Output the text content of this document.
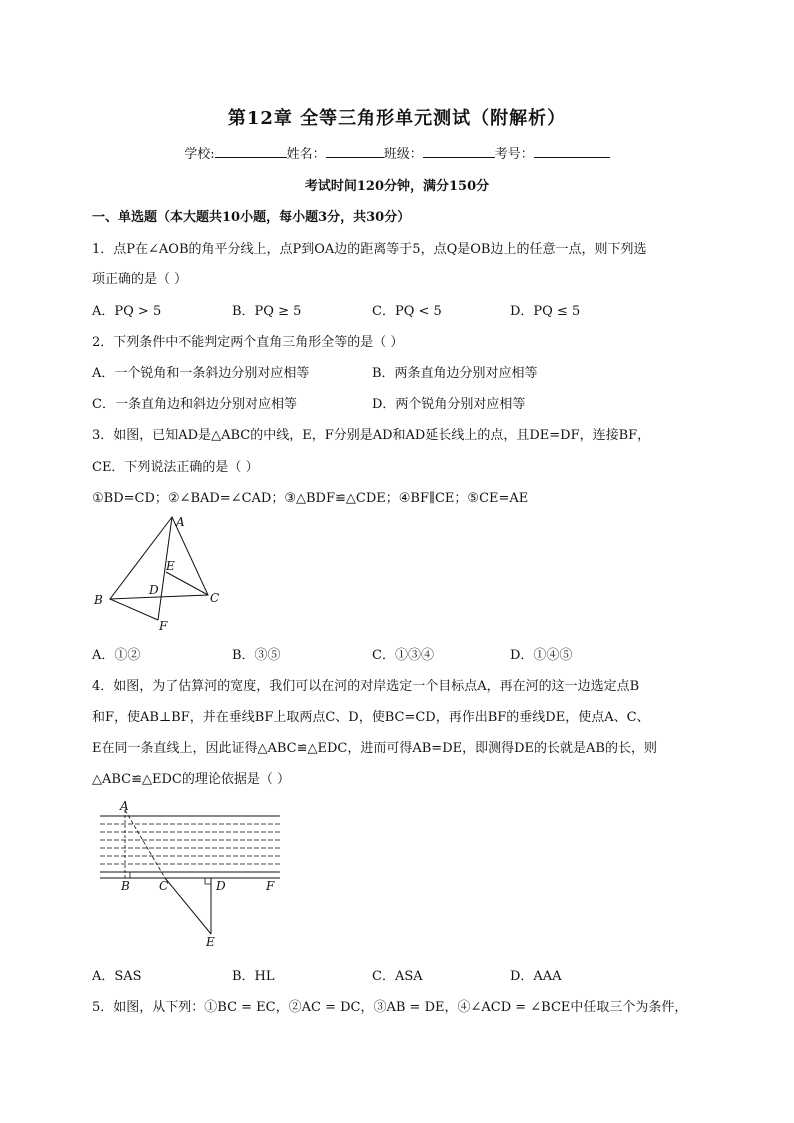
第12章 全等三角形单元测试（附解析）
学校:	姓名：	班级：	考号：
考试时间120分钟，满分150分
一、单选题（本大题共10小题，每小题3分，共30分）
1．点P在∠AOB的角平分线上，点P到OA边的距离等于5，点Q是OB边上的任意一点，则下列选
项正确的是（ ）
A．PQ > 5	B．PQ ≥ 5	C．PQ < 5	D．PQ ≤ 5
2．下列条件中不能判定两个直角三角形全等的是（ ）
A．一个锐角和一条斜边分别对应相等	B．两条直角边分别对应相等
C．一条直角边和斜边分别对应相等	D．两个锐角分别对应相等
3．如图，已知AD是△ABC的中线，E，F分别是AD和AD延长线上的点，且DE=DF，连接BF，
CE．下列说法正确的是（ ）
①BD=CD；②∠BAD=∠CAD；③△BDF≌△CDE；④BF∥CE；⑤CE=AE
A
B	C
D
E
F
A．①②	B．③⑤	C．①③④	D．①④⑤
4．如图，为了估算河的宽度，我们可以在河的对岸选定一个目标点A，再在河的这一边选定点B
和F，使AB⊥BF，并在垂线BF上取两点C、D，使BC=CD，再作出BF的垂线DE，使点A、C、
E在同一条直线上，因此证得△ABC≌△EDC，进而可得AB=DE，即测得DE的长就是AB的长，则
△ABC≌△EDC的理论依据是（ ）
A
B C	D
E
F
A．SAS	B．HL	C．ASA	D．AAA
5．如图，从下列：①BC = EC，②AC = DC，③AB = DE，④∠ACD = ∠BCE中任取三个为条件，
